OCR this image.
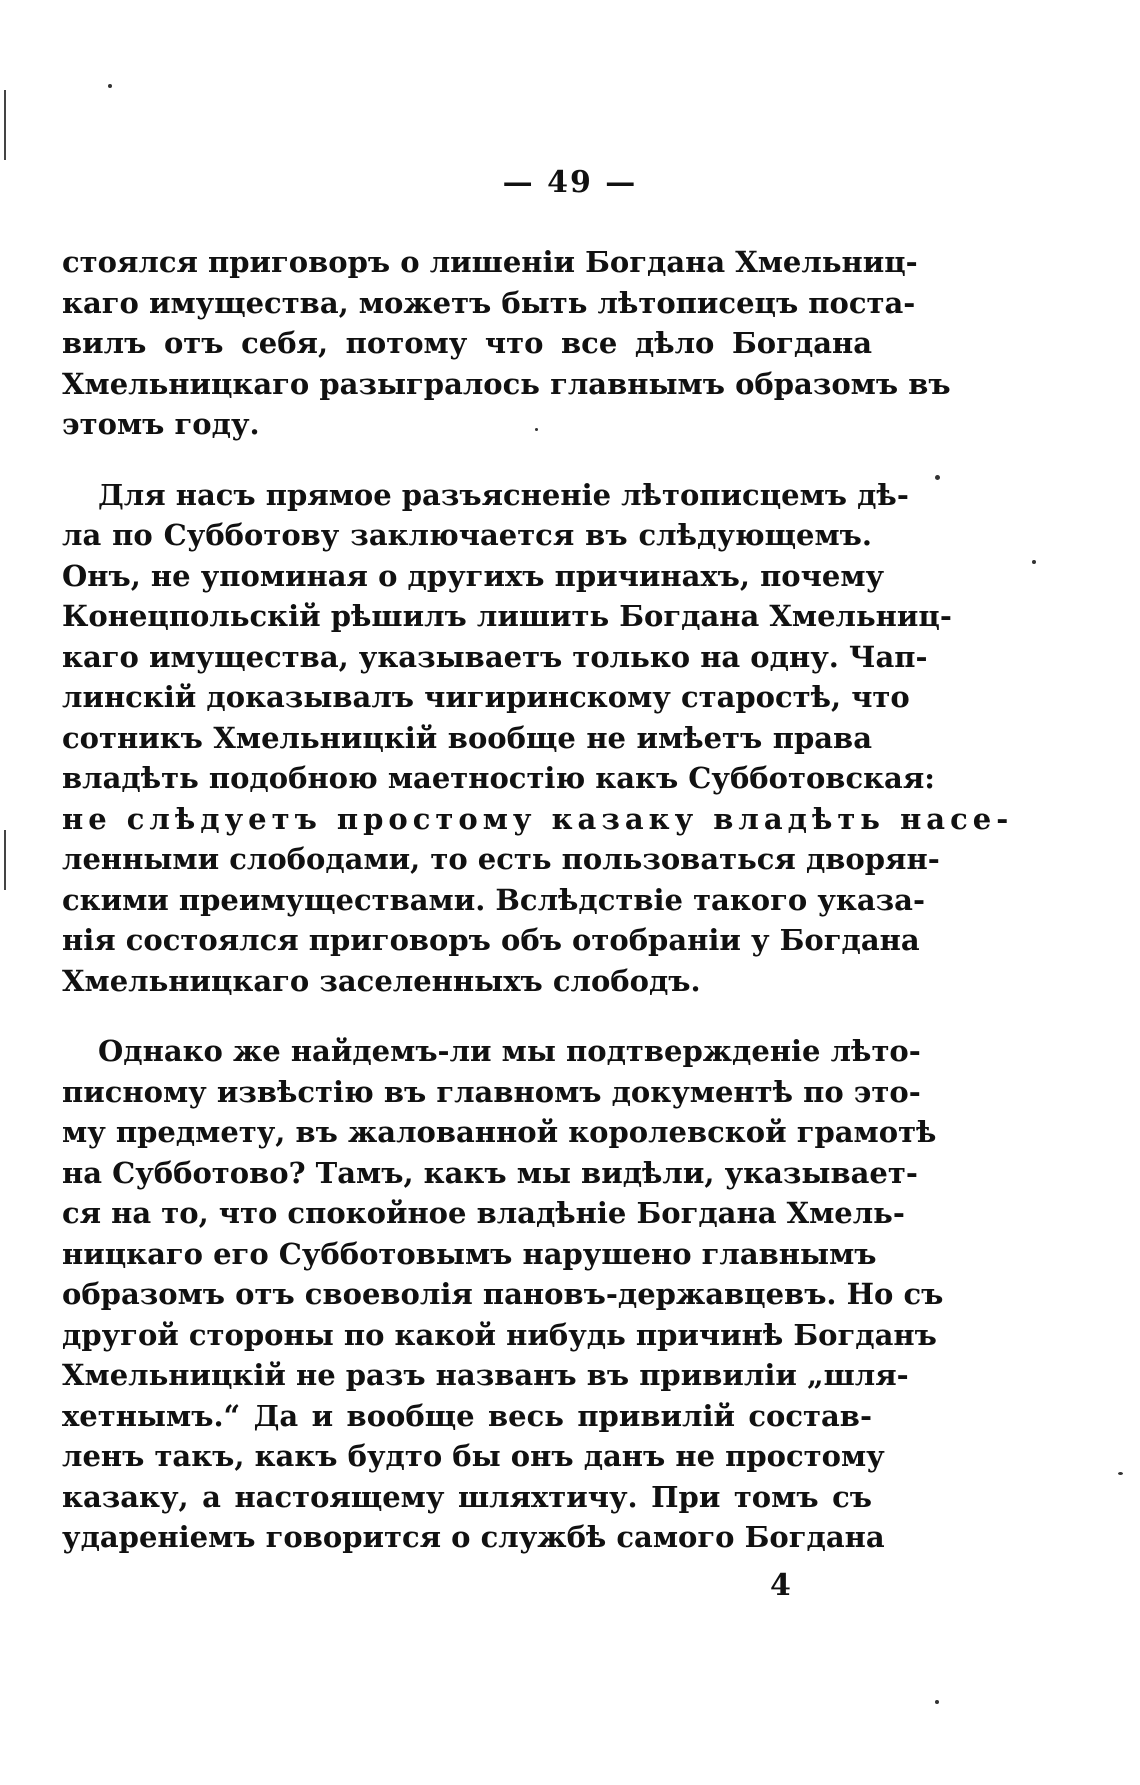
— 49 —
стоялся приговоръ о лишеніи Богдана Хмельниц-
каго имущества, можетъ быть лѣтописецъ поста-
вилъ отъ себя, потому что все дѣло Богдана
Хмельницкаго разыгралось главнымъ образомъ въ
этомъ году.
Для насъ прямое разъясненіе лѣтописцемъ дѣ-
ла по Субботову заключается въ слѣдующемъ.
Онъ, не упоминая о другихъ причинахъ, почему
Конецпольскій рѣшилъ лишить Богдана Хмельниц-
каго имущества, указываетъ только на одну. Чап-
линскій доказывалъ чигиринскому старостѣ, что
сотникъ Хмельницкій вообще не имѣетъ права
владѣть подобною маетностію какъ Субботовская:
не слѣдуетъ простому казаку владѣть насе-
ленными слободами, то есть пользоваться дворян-
скими преимуществами. Вслѣдствіе такого указа-
нія состоялся приговоръ объ отобраніи у Богдана
Хмельницкаго заселенныхъ слободъ.
Однако же найдемъ-ли мы подтвержденіе лѣто-
писному извѣстію въ главномъ документѣ по это-
му предмету, въ жалованной королевской грамотѣ
на Субботово? Тамъ, какъ мы видѣли, указывает-
ся на то, что спокойное владѣніе Богдана Хмель-
ницкаго его Субботовымъ нарушено главнымъ
образомъ отъ своеволія пановъ-державцевъ. Но съ
другой стороны по какой нибудь причинѣ Богданъ
Хмельницкій не разъ названъ въ привиліи „шля-
хетнымъ.“ Да и вообще весь привилій состав-
ленъ такъ, какъ будто бы онъ данъ не простому
казаку, а настоящему шляхтичу. При томъ съ
удареніемъ говорится о службѣ самого Богдана
4
